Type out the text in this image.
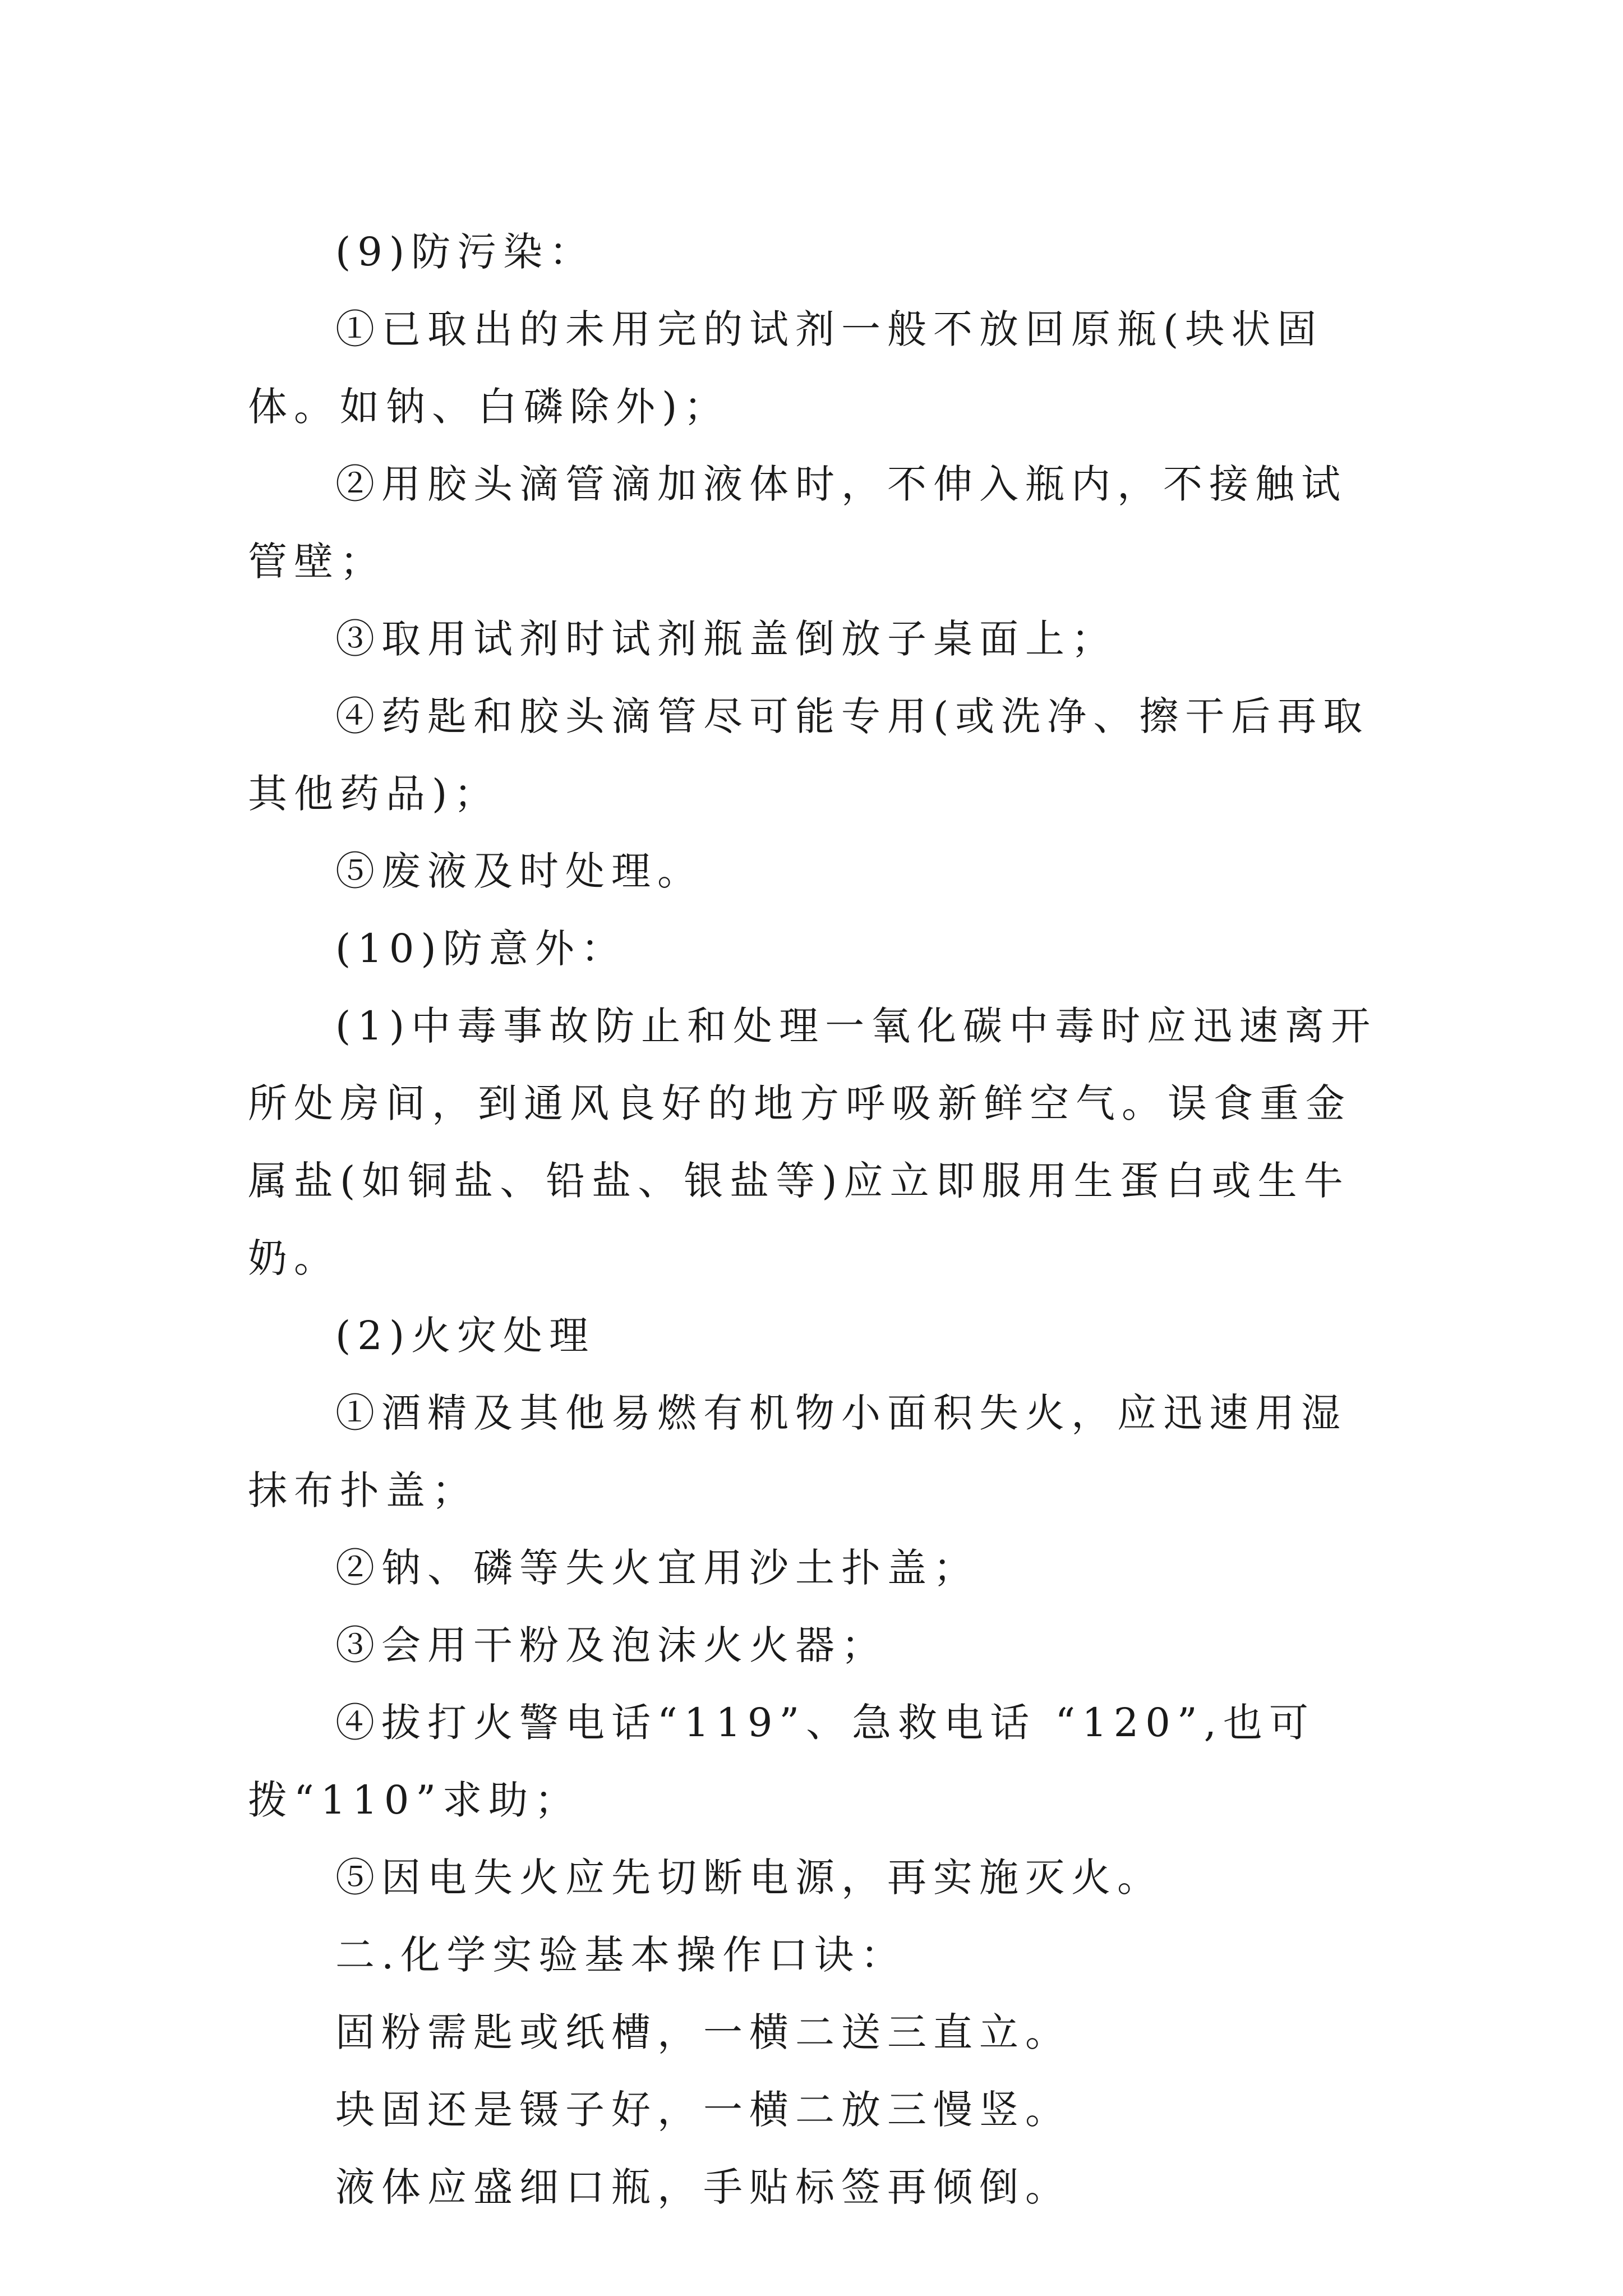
(9)防污染：

①已取出的未用完的试剂一般不放回原瓶(块状固体。如钠、白磷除外)；

②用胶头滴管滴加液体时，不伸入瓶内，不接触试管壁；

③取用试剂时试剂瓶盖倒放子桌面上；

④药匙和胶头滴管尽可能专用(或洗净、擦干后再取其他药品)；

⑤废液及时处理。

(10)防意外：

(1)中毒事故防止和处理一氧化碳中毒时应迅速离开所处房间，到通风良好的地方呼吸新鲜空气。误食重金属盐(如铜盐、铅盐、银盐等)应立即服用生蛋白或生牛奶。

(2)火灾处理

①酒精及其他易燃有机物小面积失火，应迅速用湿抹布扑盖；

②钠、磷等失火宜用沙土扑盖；

③会用干粉及泡沫火火器；

④拔打火警电话“119”、急救电话 “120”,也可拨“110”求助；

⑤因电失火应先切断电源，再实施灭火。

二.化学实验基本操作口诀：

固粉需匙或纸槽，一横二送三直立。

块固还是镊子好，一横二放三慢竖。

液体应盛细口瓶，手贴标签再倾倒。
